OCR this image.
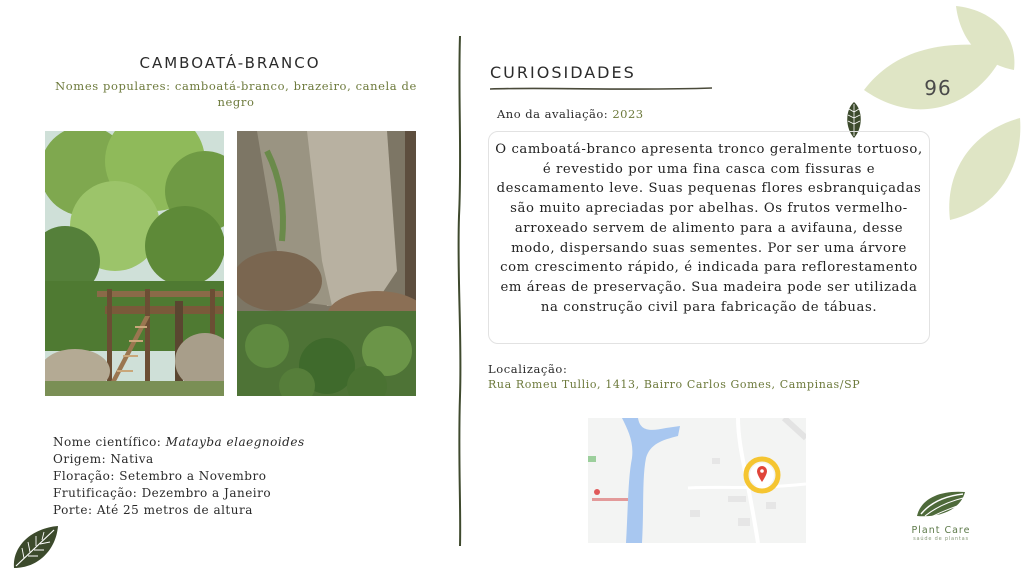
CAMBOATÁ-BRANCO
Nomes populares: camboatá-branco, brazeiro, canela de negro
Nome científico: Matayba elaegnoides
Origem: Nativa
Floração: Setembro a Novembro
Frutificação: Dezembro a Janeiro
Porte: Até 25 metros de altura
CURIOSIDADES
Ano da avaliação: 2023
O camboatá-branco apresenta tronco geralmente tortuoso, é revestido por uma fina casca com fissuras e descamamento leve. Suas pequenas flores esbranquiçadas são muito apreciadas por abelhas. Os frutos vermelho-arroxeado servem de alimento para a avifauna, desse modo, dispersando suas sementes. Por ser uma árvore com crescimento rápido, é indicada para reflorestamento em áreas de preservação. Sua madeira pode ser utilizada na construção civil para fabricação de tábuas.
Localização:
Rua Romeu Tullio, 1413, Bairro Carlos Gomes, Campinas/SP
96
Plant Care
saúde de plantas
